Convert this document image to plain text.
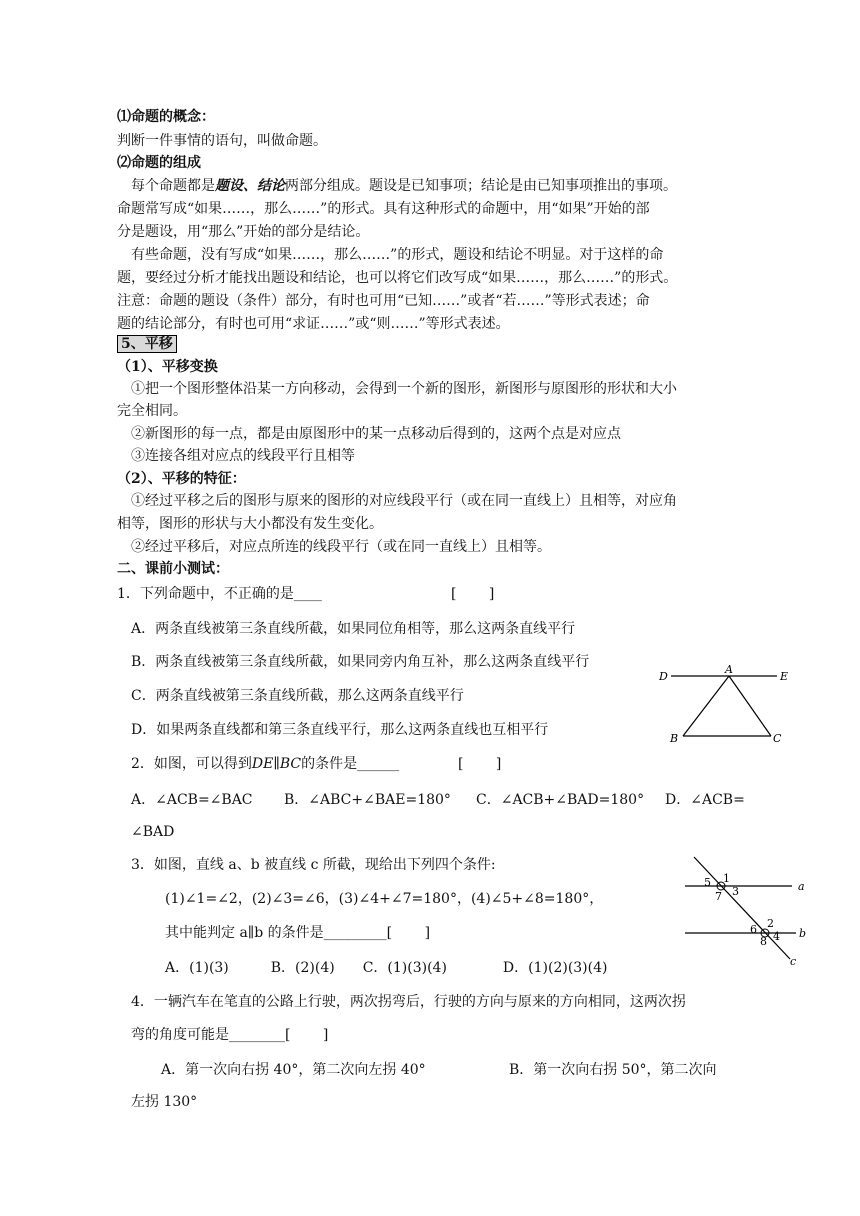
⑴命题的概念：
判断一件事情的语句，叫做命题。
⑵命题的组成
每个命题都是题设、结论两部分组成。题设是已知事项；结论是由已知事项推出的事项。
命题常写成“如果……，那么……”的形式。具有这种形式的命题中，用“如果”开始的部
分是题设，用“那么”开始的部分是结论。
有些命题，没有写成“如果……，那么……”的形式，题设和结论不明显。对于这样的命
题，要经过分析才能找出题设和结论，也可以将它们改写成“如果……，那么……”的形式。
注意：命题的题设（条件）部分，有时也可用“已知……”或者“若……”等形式表述；命
题的结论部分，有时也可用“求证……”或“则……”等形式表述。
5、平移
（1）、平移变换
①把一个图形整体沿某一方向移动，会得到一个新的图形，新图形与原图形的形状和大小
完全相同。
②新图形的每一点，都是由原图形中的某一点移动后得到的，这两个点是对应点
③连接各组对应点的线段平行且相等
（2）、平移的特征：
①经过平移之后的图形与原来的图形的对应线段平行（或在同一直线上）且相等，对应角
相等，图形的形状与大小都没有发生变化。
②经过平移后，对应点所连的线段平行（或在同一直线上）且相等。
二、课前小测试：
1．下列命题中，不正确的是____	[　　 ]
A．两条直线被第三条直线所截，如果同位角相等，那么这两条直线平行
B．两条直线被第三条直线所截，如果同旁内角互补，那么这两条直线平行
C．两条直线被第三条直线所截，那么这两条直线平行
D．如果两条直线都和第三条直线平行，那么这两条直线也互相平行
2．如图，可以得到DE∥BC的条件是______	[　　 ]
A．∠ACB=∠BAC B．∠ABC+∠BAE=180° C．∠ACB+∠BAD=180° D．∠ACB=
∠BAD
3．如图，直线 a、b 被直线 c 所截，现给出下列四个条件:
(1)∠1=∠2，(2)∠3=∠6，(3)∠4+∠7=180°，(4)∠5+∠8=180°，
其中能判定 a∥b 的条件是_________[　　 ]
A．(1)(3)　　　B．(2)(4)　　C．(1)(3)(4)　　　　D．(1)(2)(3)(4)
4．一辆汽车在笔直的公路上行驶，两次拐弯后，行驶的方向与原来的方向相同，这两次拐
弯的角度可能是________[　　 ]
A．第一次向右拐 40°，第二次向左拐 40°	B．第一次向右拐 50°，第二次向
左拐 130°
D
A
E
B	C
1
5
3
7
a
2
6
4
8
b
c
